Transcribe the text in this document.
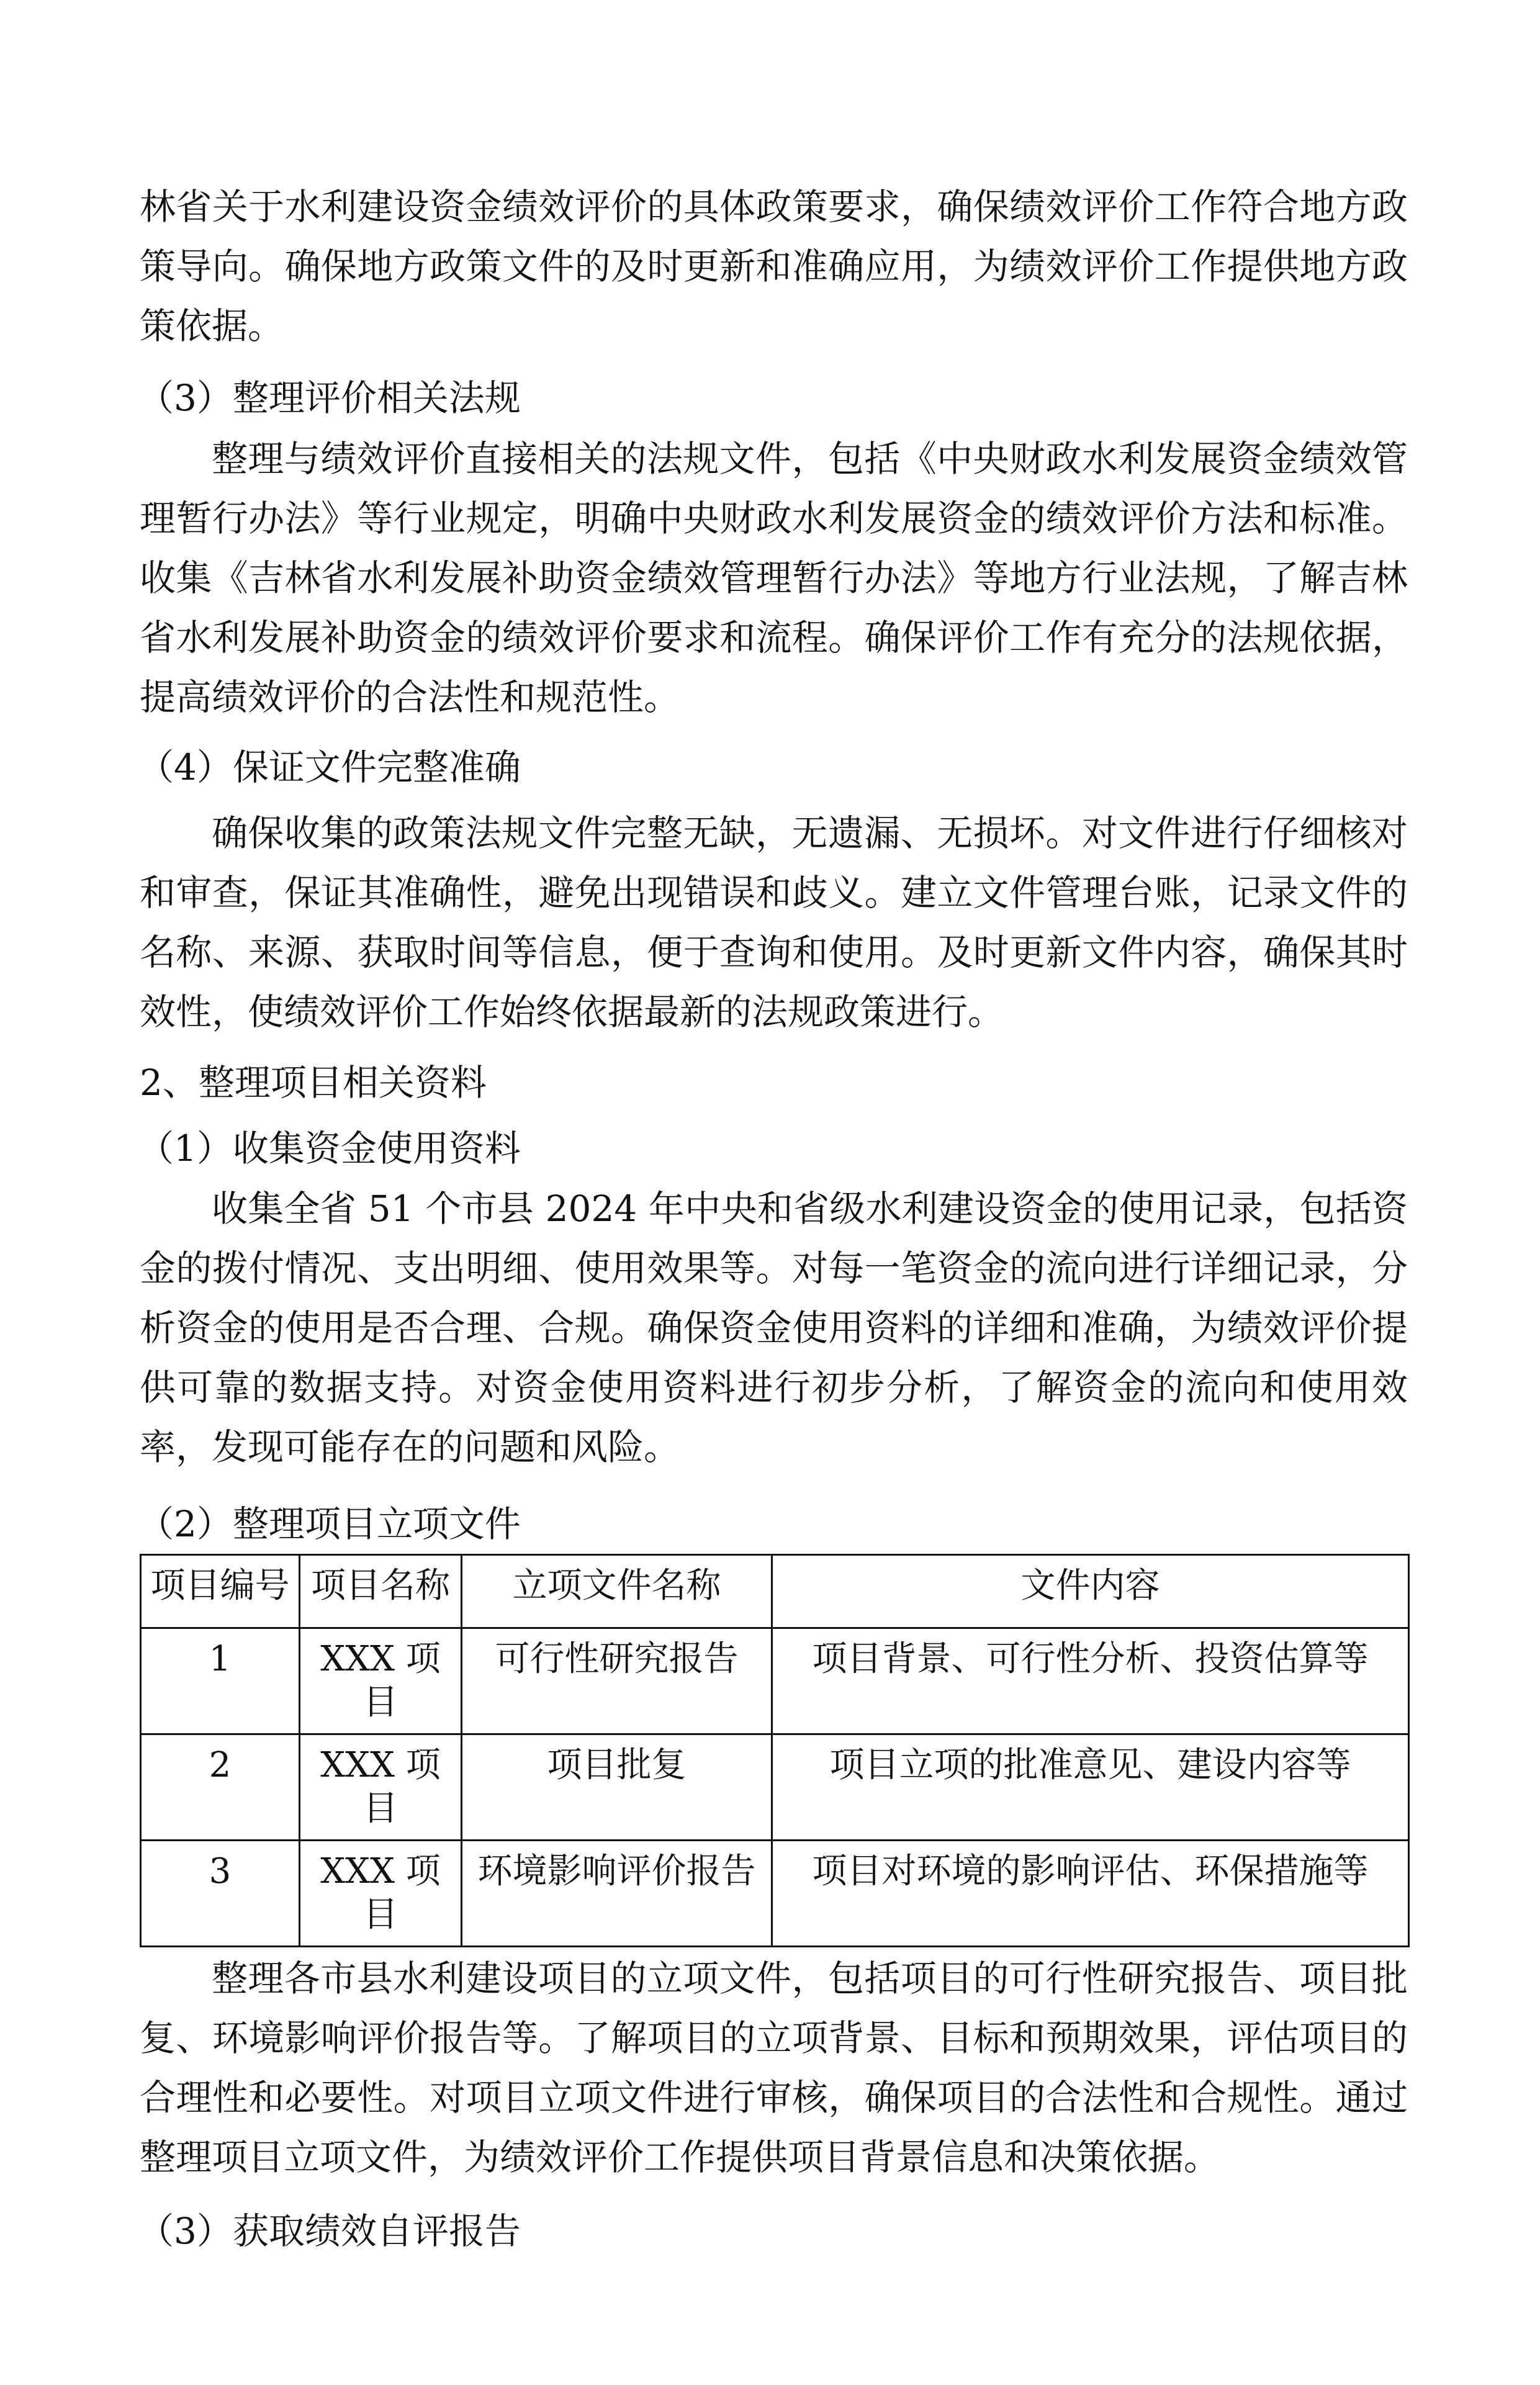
林省关于水利建设资金绩效评价的具体政策要求，确保绩效评价工作符合地方政策导向。确保地方政策文件的及时更新和准确应用，为绩效评价工作提供地方政策依据。
（3）整理评价相关法规
整理与绩效评价直接相关的法规文件，包括《中央财政水利发展资金绩效管理暂行办法》等行业规定，明确中央财政水利发展资金的绩效评价方法和标准。收集《吉林省水利发展补助资金绩效管理暂行办法》等地方行业法规，了解吉林省水利发展补助资金的绩效评价要求和流程。确保评价工作有充分的法规依据，提高绩效评价的合法性和规范性。
（4）保证文件完整准确
确保收集的政策法规文件完整无缺，无遗漏、无损坏。对文件进行仔细核对和审查，保证其准确性，避免出现错误和歧义。建立文件管理台账，记录文件的名称、来源、获取时间等信息，便于查询和使用。及时更新文件内容，确保其时效性，使绩效评价工作始终依据最新的法规政策进行。
2、整理项目相关资料
（1）收集资金使用资料
收集全省 51 个市县 2024 年中央和省级水利建设资金的使用记录，包括资金的拨付情况、支出明细、使用效果等。对每一笔资金的流向进行详细记录，分析资金的使用是否合理、合规。确保资金使用资料的详细和准确，为绩效评价提供可靠的数据支持。对资金使用资料进行初步分析，了解资金的流向和使用效率，发现可能存在的问题和风险。
（2）整理项目立项文件
项目编号	项目名称	立项文件名称	文件内容
1	XXX 项目	可行性研究报告	项目背景、可行性分析、投资估算等
2	XXX 项目	项目批复	项目立项的批准意见、建设内容等
3	XXX 项目	环境影响评价报告	项目对环境的影响评估、环保措施等
整理各市县水利建设项目的立项文件，包括项目的可行性研究报告、项目批复、环境影响评价报告等。了解项目的立项背景、目标和预期效果，评估项目的合理性和必要性。对项目立项文件进行审核，确保项目的合法性和合规性。通过整理项目立项文件，为绩效评价工作提供项目背景信息和决策依据。
（3）获取绩效自评报告
